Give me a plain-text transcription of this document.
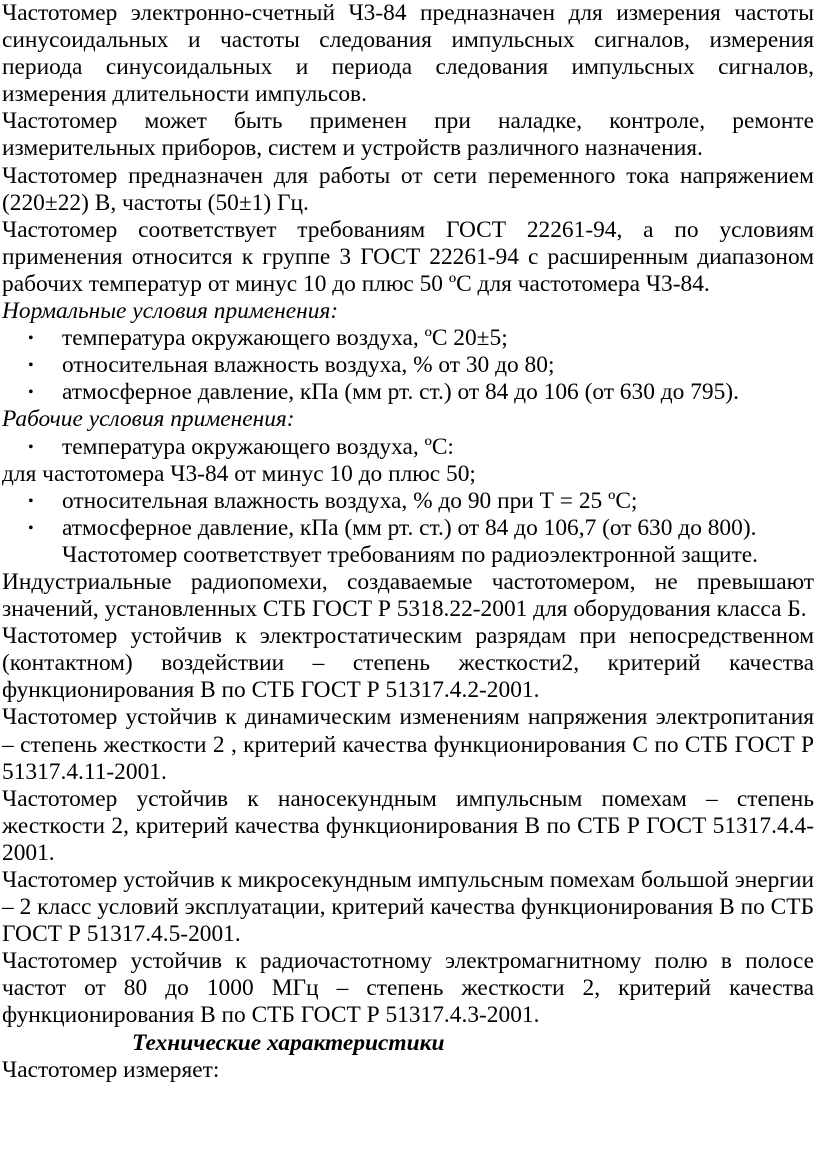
Частотомер электронно-счетный Ч3-84 предназначен для измерения частоты синусоидальных и частоты следования импульсных сигналов, измерения периода синусоидальных и периода следования импульсных сигналов, измерения длительности импульсов.

Частотомер может быть применен при наладке, контроле, ремонте измерительных приборов, систем и устройств различного назначения.

Частотомер предназначен для работы от сети переменного тока напряжением (220±22) В, частоты (50±1) Гц.

Частотомер соответствует требованиям ГОСТ 22261-94, а по условиям применения относится к группе 3 ГОСТ 22261-94 с расширенным диапазоном рабочих температур от минус 10 до плюс 50 ºС для частотомера Ч3-84.

Нормальные условия применения:

• температура окружающего воздуха, ºС 20±5;
• относительная влажность воздуха, % от 30 до 80;
• атмосферное давление, кПа (мм рт. ст.) от 84 до 106 (от 630 до 795).

Рабочие условия применения:

• температура окружающего воздуха, ºС:

для частотомера Ч3-84 от минус 10 до плюс 50;

• относительная влажность воздуха, % до 90 при Т = 25 ºС;
• атмосферное давление, кПа (мм рт. ст.) от 84 до 106,7 (от 630 до 800).

Частотомер соответствует требованиям по радиоэлектронной защите.

Индустриальные радиопомехи, создаваемые частотомером, не превышают значений, установленных СТБ ГОСТ Р 5318.22-2001 для оборудования класса Б.

Частотомер устойчив к электростатическим разрядам при непосредственном (контактном) воздействии – степень жесткости2, критерий качества функционирования В по СТБ ГОСТ Р 51317.4.2-2001.

Частотомер устойчив к динамическим изменениям напряжения электропитания – степень жесткости 2 , критерий качества функционирования С по СТБ ГОСТ Р 51317.4.11-2001.

Частотомер устойчив к наносекундным импульсным помехам – степень жесткости 2, критерий качества функционирования В по СТБ Р ГОСТ 51317.4.4-2001.

Частотомер устойчив к микросекундным импульсным помехам большой энергии – 2 класс условий эксплуатации, критерий качества функционирования В по СТБ ГОСТ Р 51317.4.5-2001.

Частотомер устойчив к радиочастотному электромагнитному полю в полосе частот от 80 до 1000 МГц – степень жесткости 2, критерий качества функционирования В по СТБ ГОСТ Р 51317.4.3-2001.

Технические характеристики

Частотомер измеряет:
